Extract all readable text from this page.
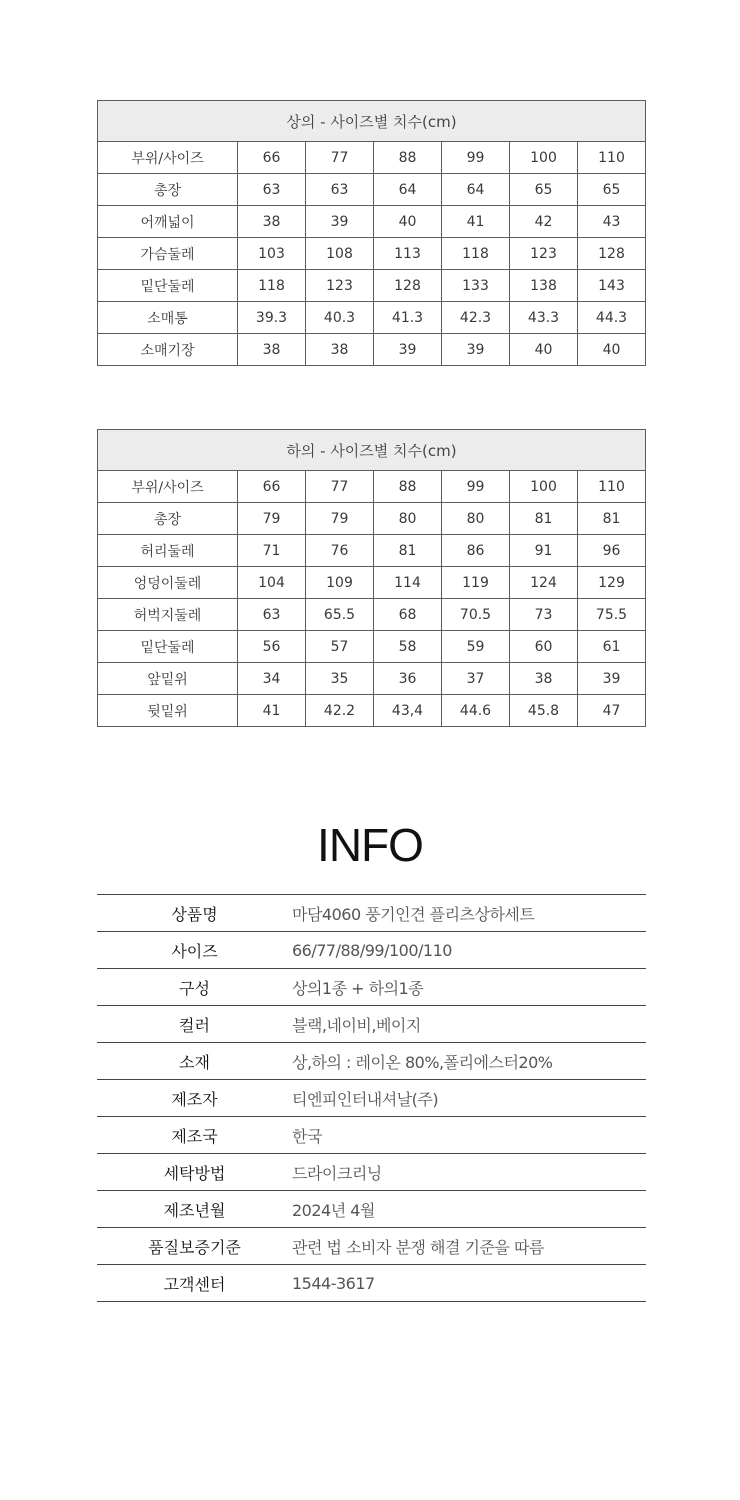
상의 - 사이즈별 치수(cm)						
부위/사이즈	66	77	88	99	100	110
총장	63	63	64	64	65	65
어깨넓이	38	39	40	41	42	43
가슴둘레	103	108	113	118	123	128
밑단둘레	118	123	128	133	138	143
소매통	39.3	40.3	41.3	42.3	43.3	44.3
소매기장	38	38	39	39	40	40
하의 - 사이즈별 치수(cm)						
부위/사이즈	66	77	88	99	100	110
총장	79	79	80	80	81	81
허리둘레	71	76	81	86	91	96
엉덩이둘레	104	109	114	119	124	129
허벅지둘레	63	65.5	68	70.5	73	75.5
밑단둘레	56	57	58	59	60	61
앞밑위	34	35	36	37	38	39
뒷밑위	41	42.2	43,4	44.6	45.8	47
INFO
상품명	마담4060 풍기인견 플리츠상하세트
사이즈	66/77/88/99/100/110
구성	상의1종 + 하의1종
컬러	블랙,네이비,베이지
소재	상,하의 : 레이온 80%,폴리에스터20%
제조자	티엔피인터내셔날(주)
제조국	한국
세탁방법	드라이크리닝
제조년월	2024년 4월
품질보증기준	관련 법 소비자 분쟁 해결 기준을 따름
고객센터	1544-3617
